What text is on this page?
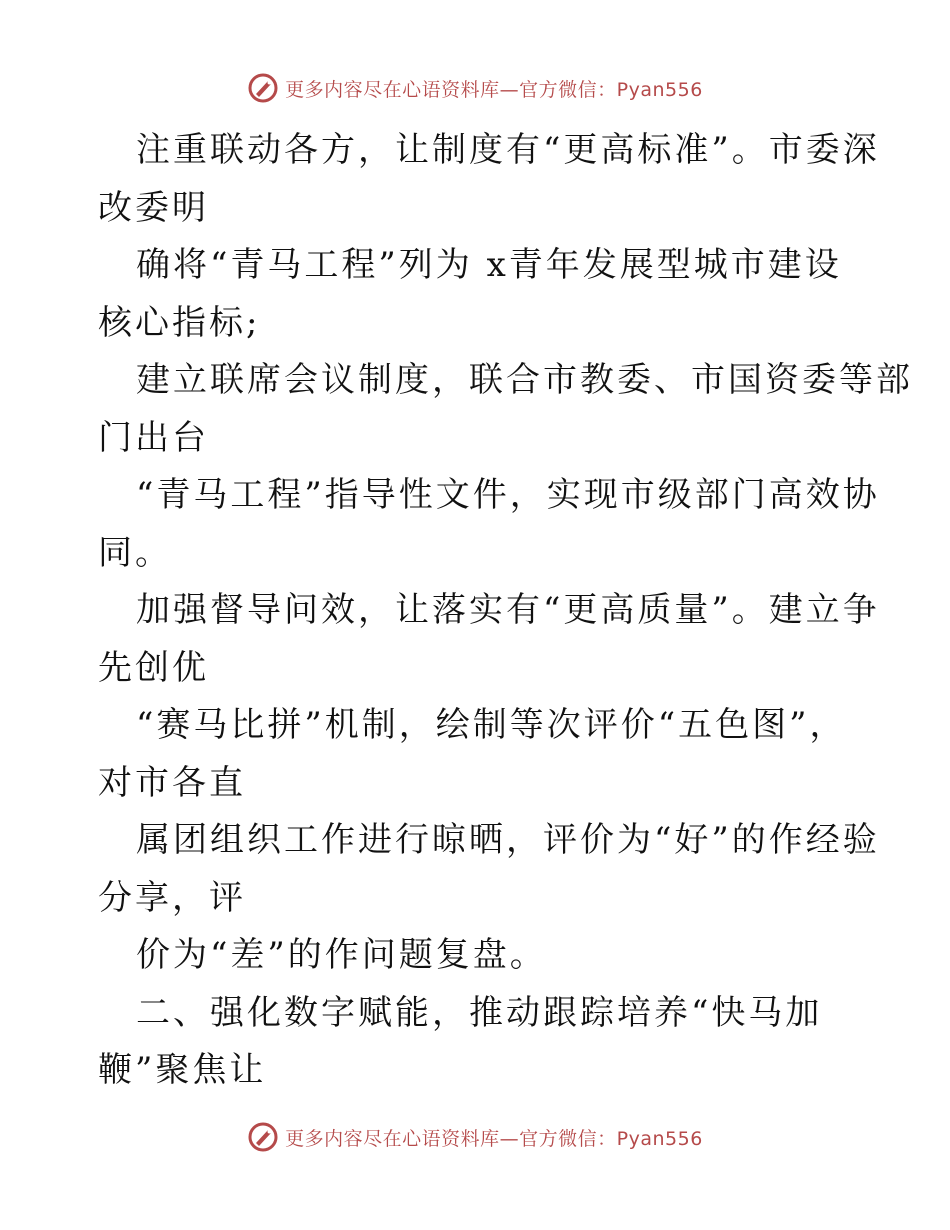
更多内容尽在心语资料库—官方微信：Pyan556
注重联动各方，让制度有“更高标准”。市委深
改委明
确将“青马工程”列为 x青年发展型城市建设
核心指标;
建立联席会议制度，联合市教委、市国资委等部
门出台
“青马工程”指导性文件，实现市级部门高效协
同。
加强督导问效，让落实有“更高质量”。建立争
先创优
“赛马比拼”机制，绘制等次评价“五色图”，
对市各直
属团组织工作进行晾晒，评价为“好”的作经验
分享，评
价为“差”的作问题复盘。
二、强化数字赋能，推动跟踪培养“快马加
鞭”聚焦让
更多内容尽在心语资料库—官方微信：Pyan556
